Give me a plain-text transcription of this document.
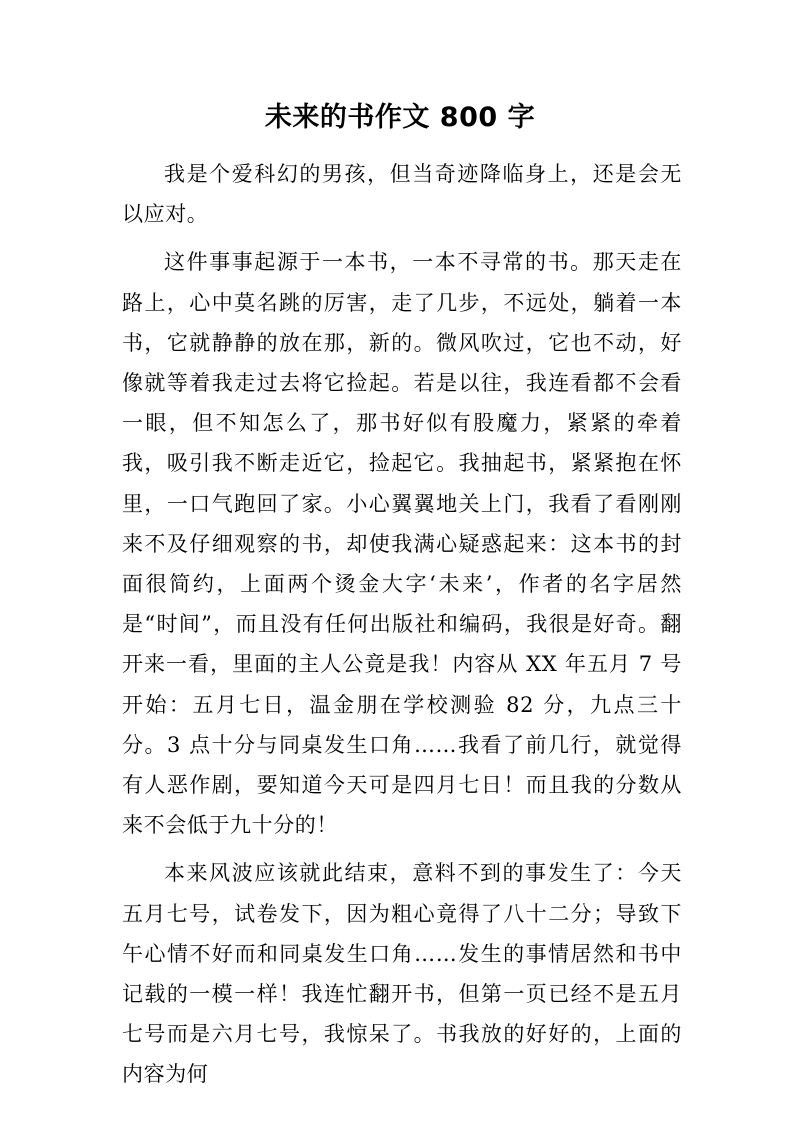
未来的书作文 800 字

我是个爱科幻的男孩，但当奇迹降临身上，还是会无以应对。

这件事事起源于一本书，一本不寻常的书。那天走在路上，心中莫名跳的厉害，走了几步，不远处，躺着一本书，它就静静的放在那，新的。微风吹过，它也不动，好像就等着我走过去将它捡起。若是以往，我连看都不会看一眼，但不知怎么了，那书好似有股魔力，紧紧的牵着我，吸引我不断走近它，捡起它。我抽起书，紧紧抱在怀里，一口气跑回了家。小心翼翼地关上门，我看了看刚刚来不及仔细观察的书，却使我满心疑惑起来：这本书的封面很简约，上面两个烫金大字‘未来’，作者的名字居然是“时间”，而且没有任何出版社和编码，我很是好奇。翻开来一看，里面的主人公竟是我！内容从 XX 年五月 7 号开始：五月七日，温金朋在学校测验 82 分，九点三十分。3 点十分与同桌发生口角……我看了前几行，就觉得有人恶作剧，要知道今天可是四月七日！而且我的分数从来不会低于九十分的！

本来风波应该就此结束，意料不到的事发生了：今天五月七号，试卷发下，因为粗心竟得了八十二分；导致下午心情不好而和同桌发生口角……发生的事情居然和书中记载的一模一样！我连忙翻开书，但第一页已经不是五月七号而是六月七号，我惊呆了。书我放的好好的，上面的内容为何
